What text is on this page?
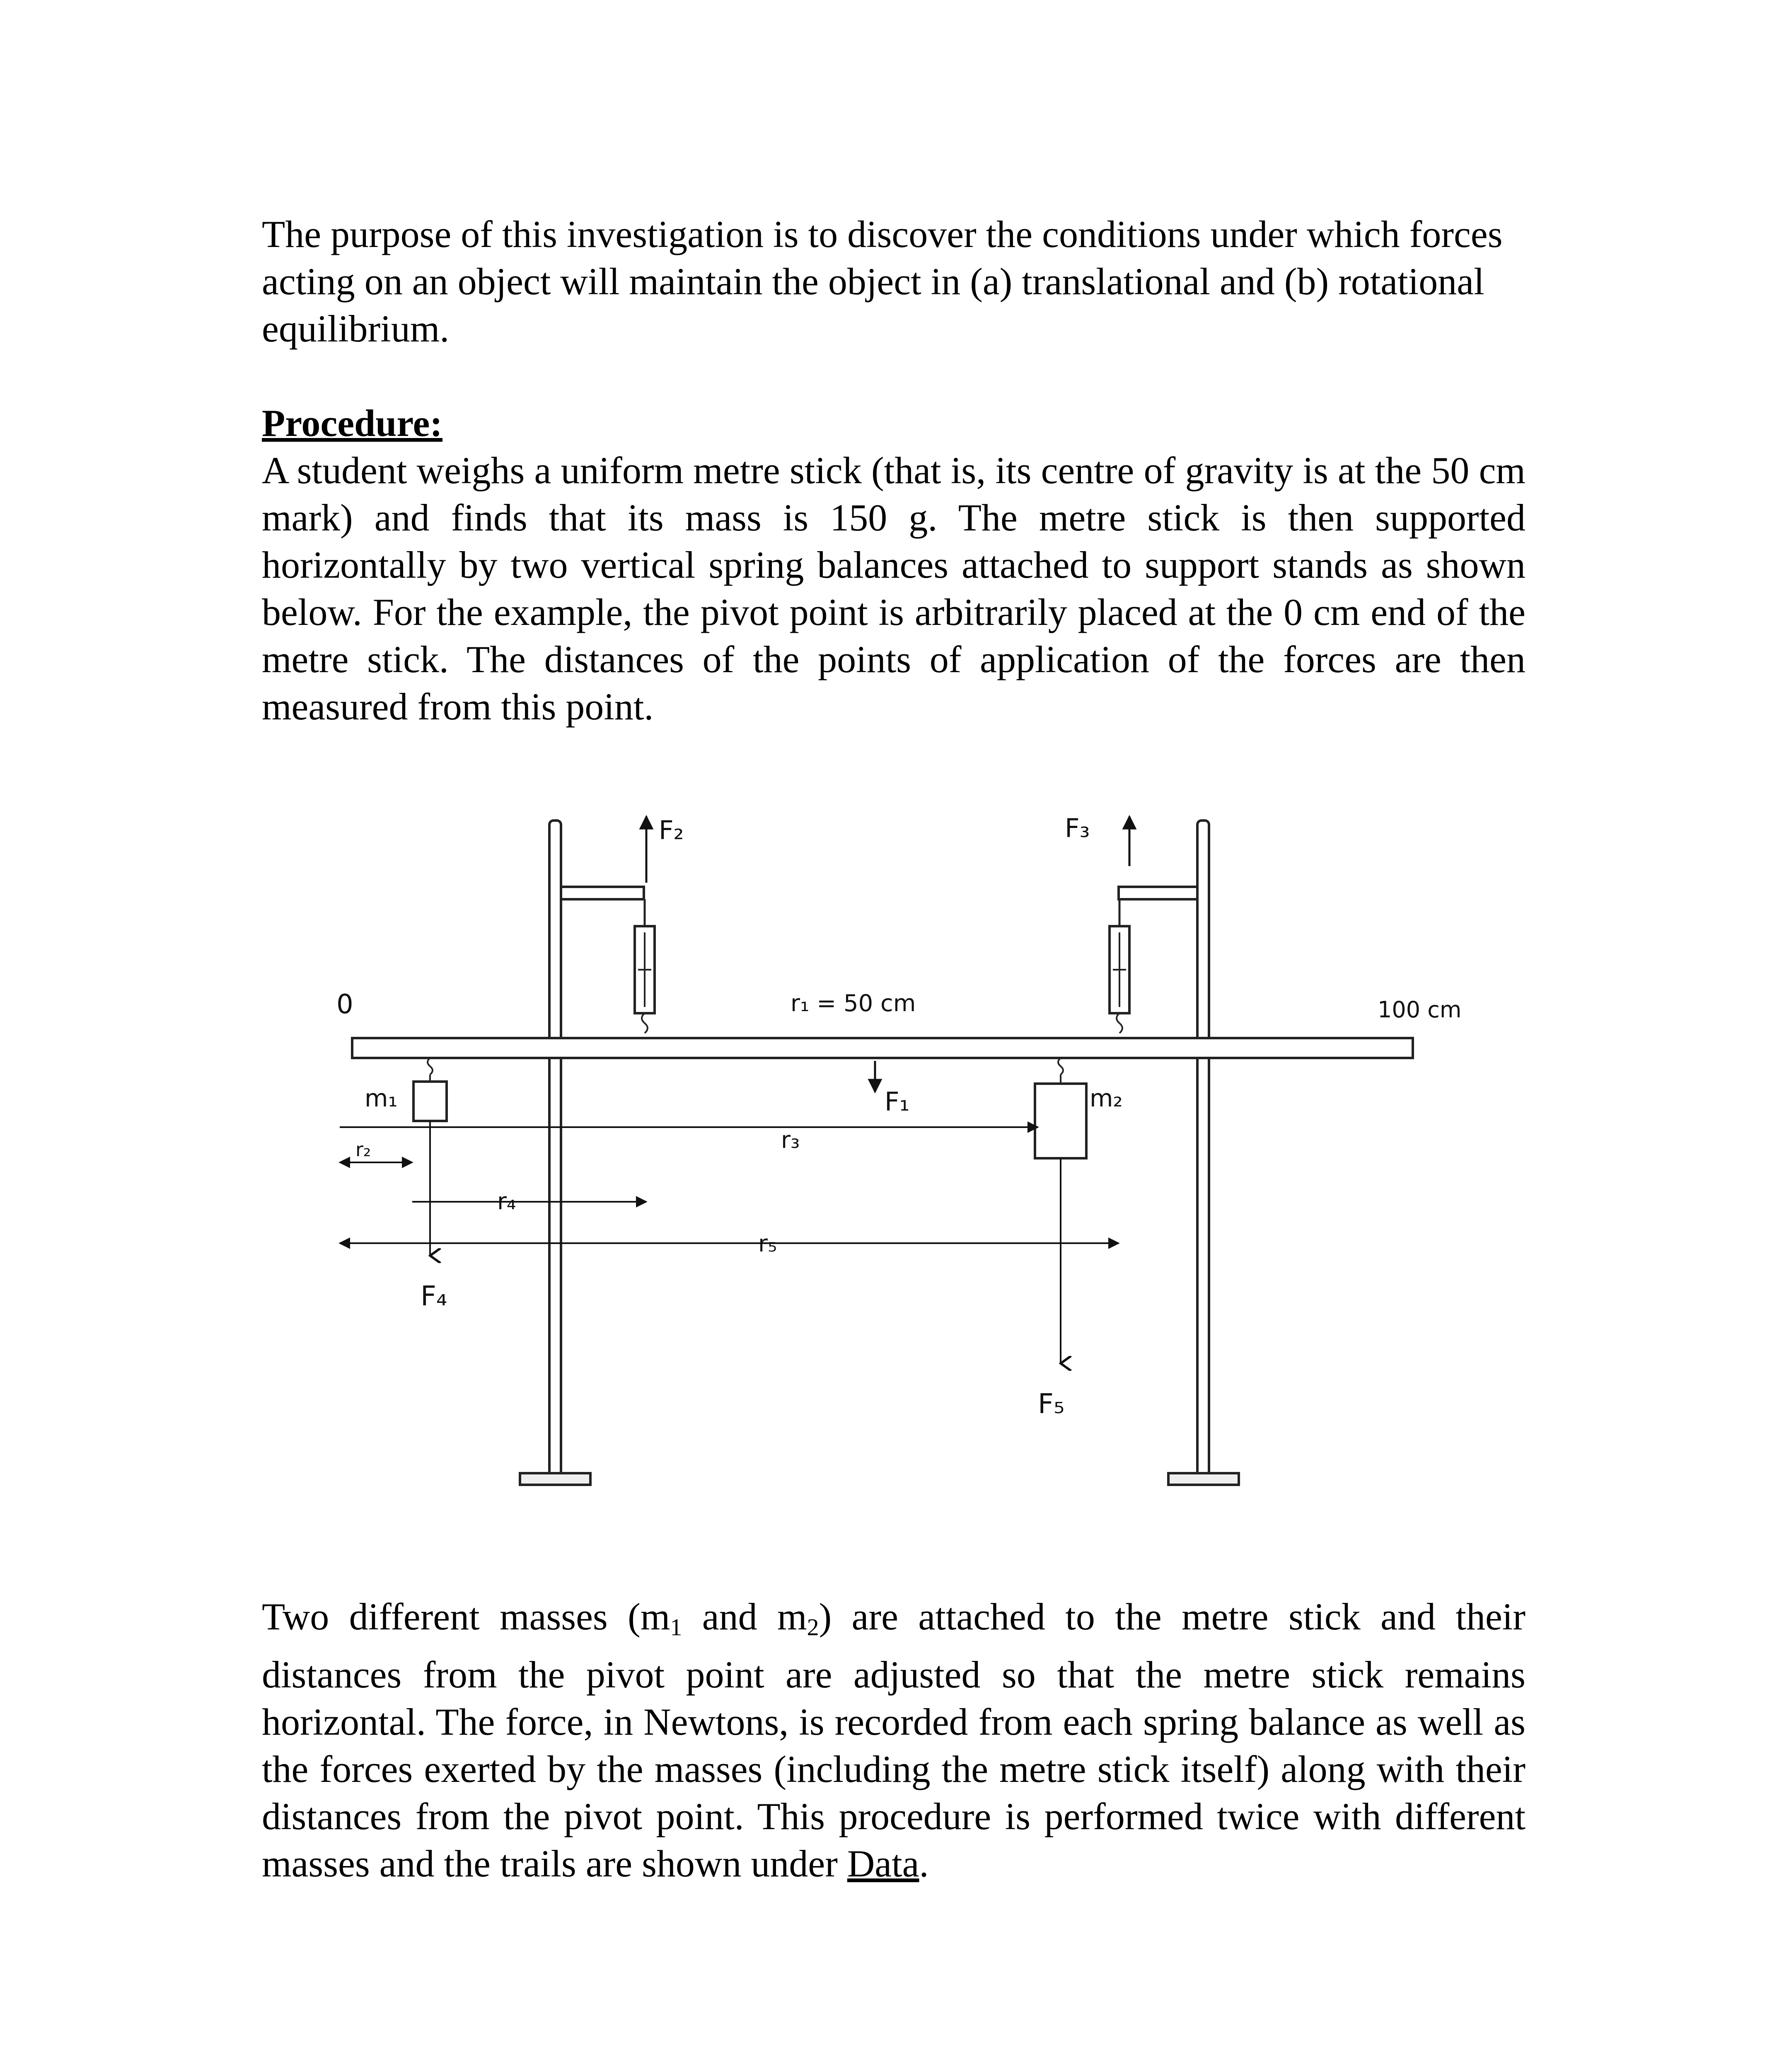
The purpose of this investigation is to discover the conditions under which forces acting on an object will maintain the object in (a) translational and (b) rotational equilibrium.

Procedure:

A student weighs a uniform metre stick (that is, its centre of gravity is at the 50 cm mark) and finds that its mass is 150 g. The metre stick is then supported horizontally by two vertical spring balances attached to support stands as shown below. For the example, the pivot point is arbitrarily placed at the 0 cm end of the metre stick. The distances of the points of application of the forces are then measured from this point.

0	100 cm
r₁ = 50 cm
F₂	F₃
F₁
m₁	m₂
r₃
r₂
r₄
r₅
F₄
F₅

Two different masses ($m_1$ and $m_2$) are attached to the metre stick and their distances from the pivot point are adjusted so that the metre stick remains horizontal. The force, in Newtons, is recorded from each spring balance as well as the forces exerted by the masses (including the metre stick itself) along with their distances from the pivot point. This procedure is performed twice with different masses and the trails are shown under Data.
